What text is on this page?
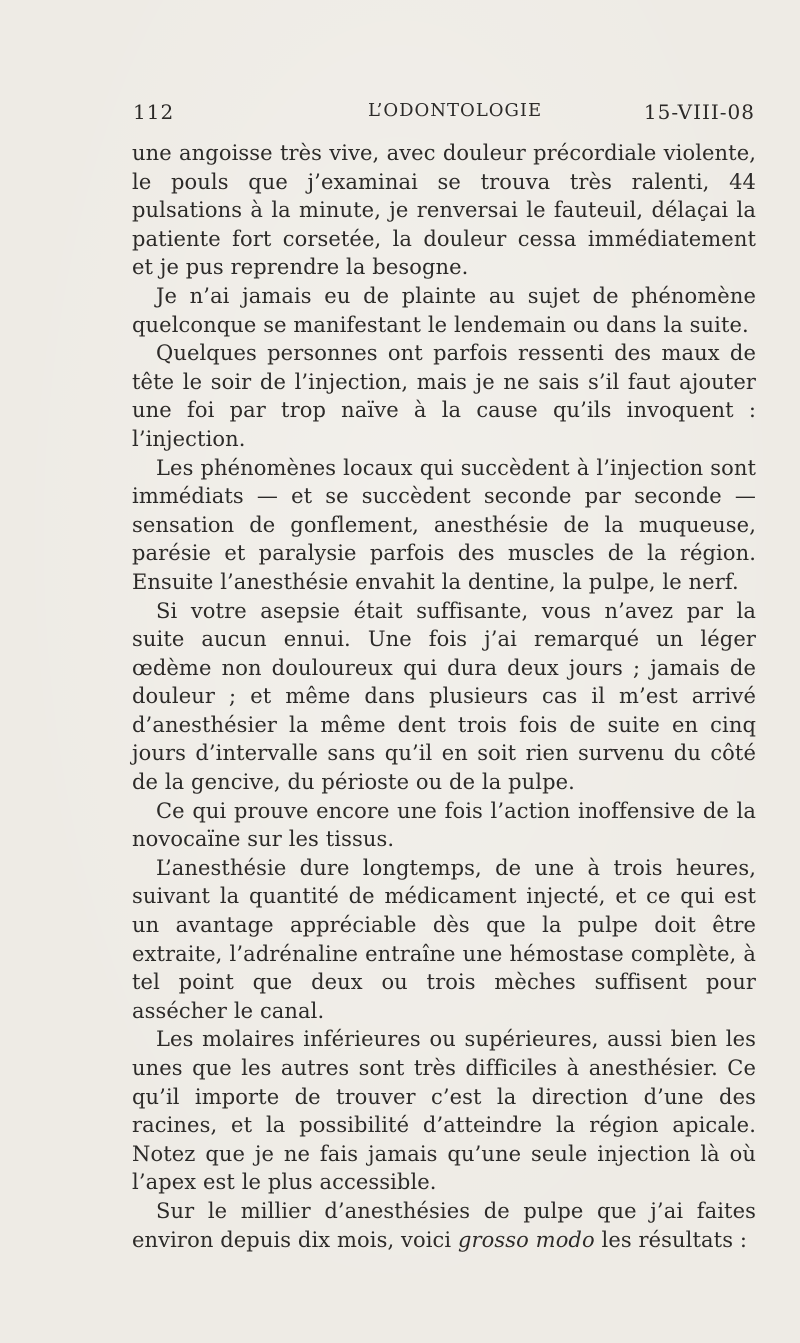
112	L’ODONTOLOGIE	15-VIII-08

une angoisse très vive, avec douleur précordiale violente, le pouls que j’examinai se trouva très ralenti, 44 pulsations à la minute, je renversai le fauteuil, délaçai la patiente fort corsetée, la douleur cessa immédiatement et je pus reprendre la besogne.

Je n’ai jamais eu de plainte au sujet de phénomène quelconque se manifestant le lendemain ou dans la suite.

Quelques personnes ont parfois ressenti des maux de tête le soir de l’injection, mais je ne sais s’il faut ajouter une foi par trop naïve à la cause qu’ils invoquent : l’injection.

Les phénomènes locaux qui succèdent à l’injection sont immédiats — et se succèdent seconde par seconde — sensation de gonflement, anesthésie de la muqueuse, parésie et paralysie parfois des muscles de la région. Ensuite l’anesthésie envahit la dentine, la pulpe, le nerf.

Si votre asepsie était suffisante, vous n’avez par la suite aucun ennui. Une fois j’ai remarqué un léger œdème non douloureux qui dura deux jours ; jamais de douleur ; et même dans plusieurs cas il m’est arrivé d’anesthésier la même dent trois fois de suite en cinq jours d’intervalle sans qu’il en soit rien survenu du côté de la gencive, du périoste ou de la pulpe.

Ce qui prouve encore une fois l’action inoffensive de la novocaïne sur les tissus.

L’anesthésie dure longtemps, de une à trois heures, suivant la quantité de médicament injecté, et ce qui est un avantage appréciable dès que la pulpe doit être extraite, l’adrénaline entraîne une hémostase complète, à tel point que deux ou trois mèches suffisent pour assécher le canal.

Les molaires inférieures ou supérieures, aussi bien les unes que les autres sont très difficiles à anesthésier. Ce qu’il importe de trouver c’est la direction d’une des racines, et la possibilité d’atteindre la région apicale. Notez que je ne fais jamais qu’une seule injection là où l’apex est le plus accessible.

Sur le millier d’anesthésies de pulpe que j’ai faites environ depuis dix mois, voici grosso modo les résultats :
